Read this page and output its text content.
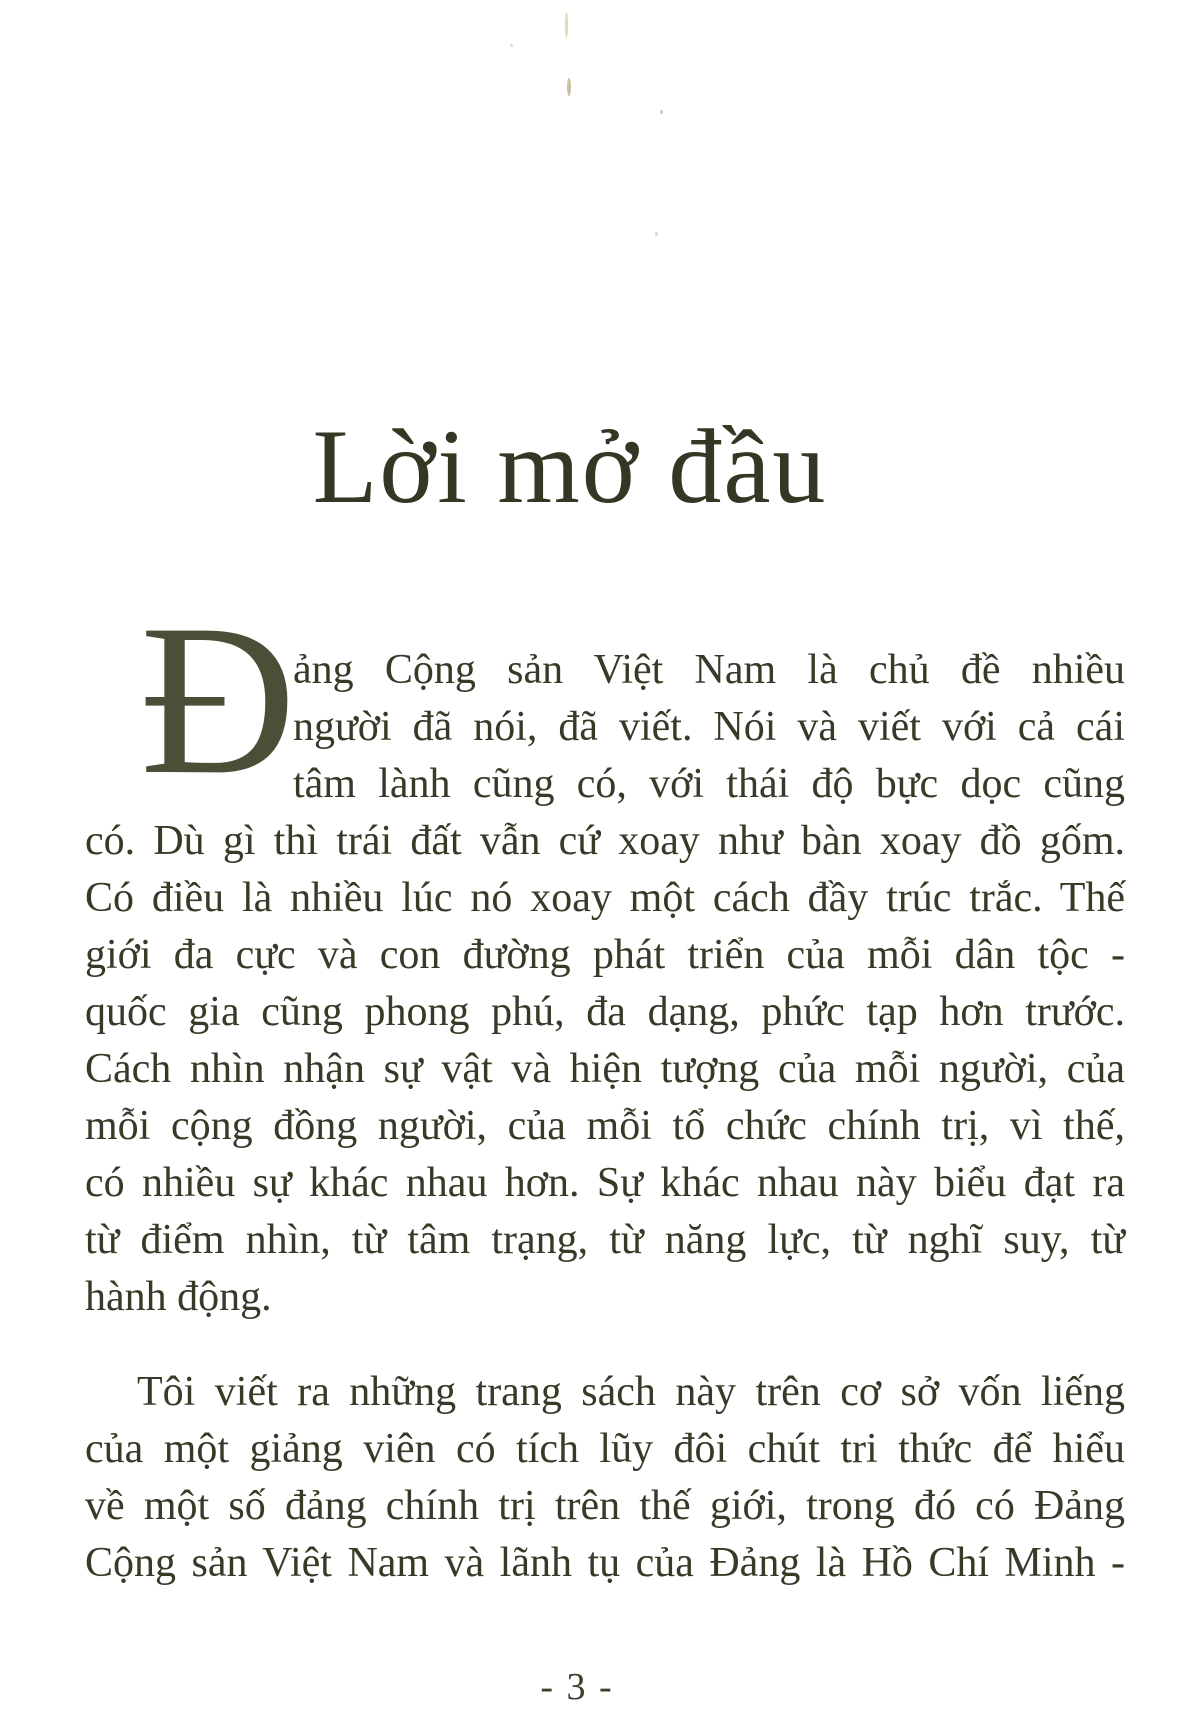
Lời mở đầu
Đ
ảng Cộng sản Việt Nam là chủ đề nhiều
người đã nói, đã viết. Nói và viết với cả cái
tâm lành cũng có, với thái độ bực dọc cũng
có. Dù gì thì trái đất vẫn cứ xoay như bàn xoay đồ gốm.
Có điều là nhiều lúc nó xoay một cách đầy trúc trắc. Thế
giới đa cực và con đường phát triển của mỗi dân tộc -
quốc gia cũng phong phú, đa dạng, phức tạp hơn trước.
Cách nhìn nhận sự vật và hiện tượng của mỗi người, của
mỗi cộng đồng người, của mỗi tổ chức chính trị, vì thế,
có nhiều sự khác nhau hơn. Sự khác nhau này biểu đạt ra
từ điểm nhìn, từ tâm trạng, từ năng lực, từ nghĩ suy, từ
hành động.
Tôi viết ra những trang sách này trên cơ sở vốn liếng
của một giảng viên có tích lũy đôi chút tri thức để hiểu
về một số đảng chính trị trên thế giới, trong đó có Đảng
Cộng sản Việt Nam và lãnh tụ của Đảng là Hồ Chí Minh -
- 3 -
